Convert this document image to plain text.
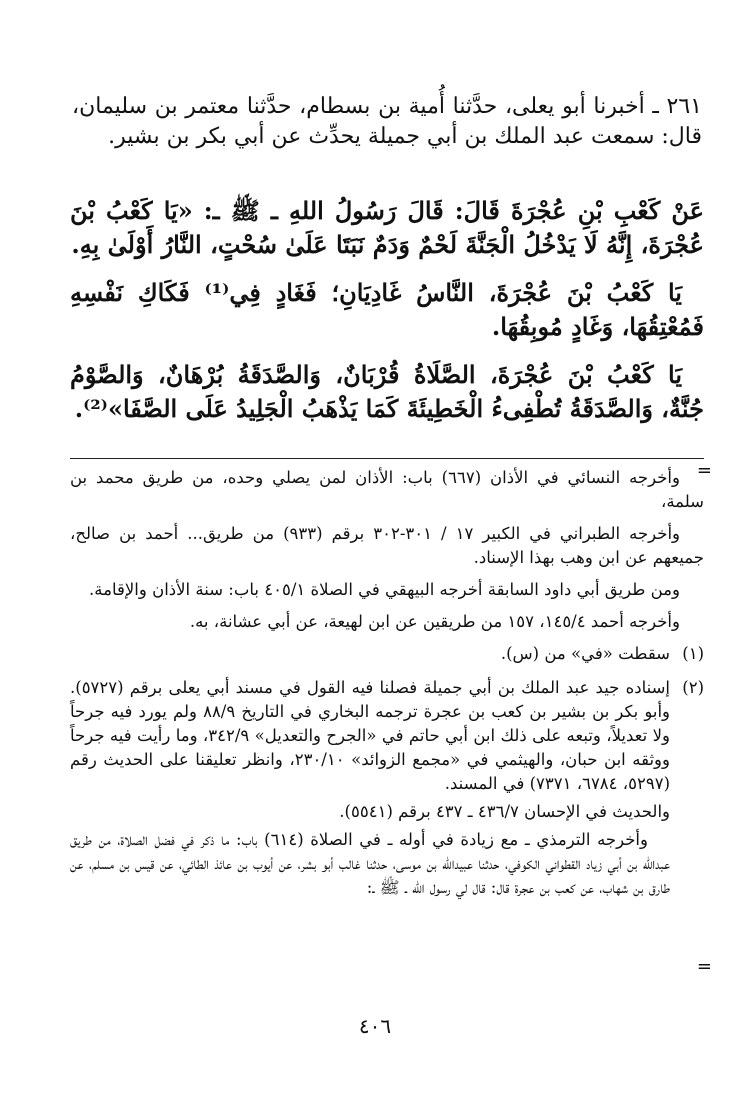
٢٦١ ـ أخبرنا أبو يعلى، حدَّثنا أُمية بن بسطام، حدَّثنا معتمر بن سليمان، قال: سمعت عبد الملك بن أبي جميلة يحدِّث عن أبي بكر بن بشير.

عَنْ كَعْبِ بْنِ عُجْرَةَ قَالَ: قَالَ رَسُولُ اللهِ ـ ﷺ ـ: «يَا كَعْبُ بْنَ عُجْرَةَ، إِنَّهُ لَا يَدْخُلُ الْجَنَّةَ لَحْمٌ وَدَمٌ نَبَتَا عَلَىٰ سُحْتٍ، النَّارُ أَوْلَىٰ بِهِ.

يَا كَعْبُ بْنَ عُجْرَةَ، النَّاسُ غَادِيَانِ؛ فَغَادٍ فِي⁽¹⁾ فَكَاكِ نَفْسِهِ فَمُعْتِقُهَا، وَغَادٍ مُوبِقُهَا.

يَا كَعْبُ بْنَ عُجْرَةَ، الصَّلَاةُ قُرْبَانٌ، وَالصَّدَقَةُ بُرْهَانٌ، وَالصَّوْمُ جُنَّةٌ، وَالصَّدَقَةُ تُطْفِىءُ الْخَطِيئَةَ كَمَا يَذْهَبُ الْجَلِيدُ عَلَى الصَّفَا»⁽²⁾.

=

وأخرجه النسائي في الأذان (٦٦٧) باب: الأذان لمن يصلي وحده، من طريق محمد بن سلمة،

وأخرجه الطبراني في الكبير ١٧ / ٣٠١-٣٠٢ برقم (٩٣٣) من طريق... أحمد بن صالح، جميعهم عن ابن وهب بهذا الإسناد.

ومن طريق أبي داود السابقة أخرجه البيهقي في الصلاة ٤٠٥/١ باب: سنة الأذان والإقامة.

وأخرجه أحمد ١٤٥/٤، ١٥٧ من طريقين عن ابن لهيعة، عن أبي عشانة، به.

(١)

سقطت «في» من (س).

(٢)

إسناده جيد عبد الملك بن أبي جميلة فصلنا فيه القول في مسند أبي يعلى برقم (٥٧٢٧). وأبو بكر بن بشير بن كعب بن عجرة ترجمه البخاري في التاريخ ٨٨/٩ ولم يورد فيه جرحاً ولا تعديلاً، وتبعه على ذلك ابن أبي حاتم في «الجرح والتعديل» ٣٤٢/٩، وما رأيت فيه جرحاً ووثقه ابن حبان، والهيثمي في «مجمع الزوائد» ٢٣٠/١٠، وانظر تعليقنا على الحديث رقم (٥٢٩٧، ٦٧٨٤، ٧٣٧١) في المسند.

والحديث في الإحسان ٤٣٦/٧ ـ ٤٣٧ برقم (٥٥٤١).

وأخرجه الترمذي ـ مع زيادة في أوله ـ في الصلاة (٦١٤) باب: ما ذكر في فضل الصلاة، من طريق عبدالله بن أبي زياد القطواني الكوفي، حدثنا عبيدالله بن موسى، حدثنا غالب أبو بشر، عن أيوب بن عائذ الطائي، عن قيس بن مسلم، عن طارق بن شهاب، عن كعب بن عجرة قال: قال لي رسول الله ـ ﷺ ـ:

=
٤٠٦
